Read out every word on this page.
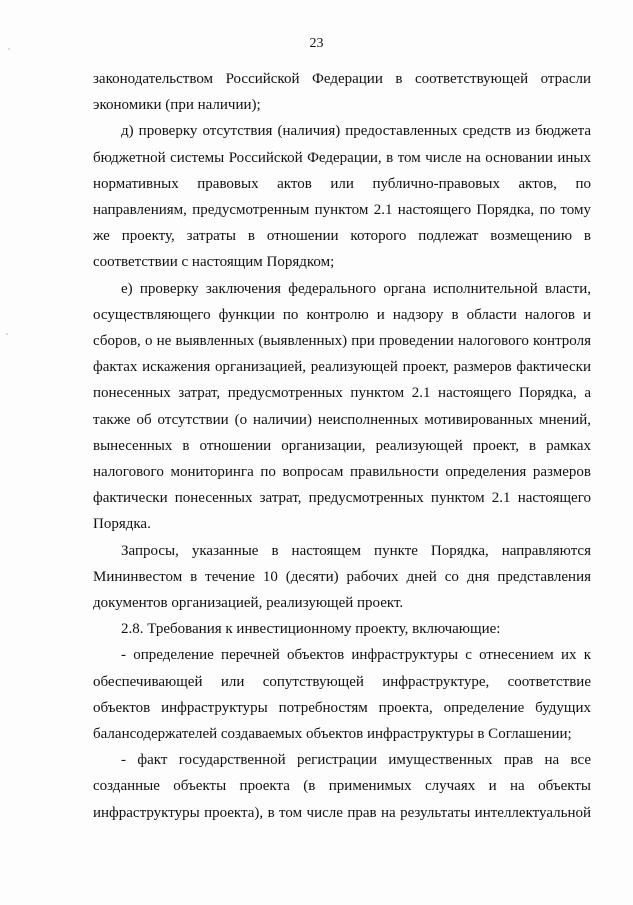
23

законодательством Российской Федерации в соответствующей отрасли экономики (при наличии);

д) проверку отсутствия (наличия) предоставленных средств из бюджета бюджетной системы Российской Федерации, в том числе на основании иных нормативных правовых актов или публично-правовых актов, по направлениям, предусмотренным пунктом 2.1 настоящего Порядка, по тому же проекту, затраты в отношении которого подлежат возмещению в соответствии с настоящим Порядком;

е) проверку заключения федерального органа исполнительной власти, осуществляющего функции по контролю и надзору в области налогов и сборов, о не выявленных (выявленных) при проведении налогового контроля фактах искажения организацией, реализующей проект, размеров фактически понесенных затрат, предусмотренных пунктом 2.1 настоящего Порядка, а также об отсутствии (о наличии) неисполненных мотивированных мнений, вынесенных в отношении организации, реализующей проект, в рамках налогового мониторинга по вопросам правильности определения размеров фактически понесенных затрат, предусмотренных пунктом 2.1 настоящего Порядка.

Запросы, указанные в настоящем пункте Порядка, направляются Мининвестом в течение 10 (десяти) рабочих дней со дня представления документов организацией, реализующей проект.

2.8. Требования к инвестиционному проекту, включающие:

- определение перечней объектов инфраструктуры с отнесением их к обеспечивающей или сопутствующей инфраструктуре, соответствие объектов инфраструктуры потребностям проекта, определение будущих балансодержателей создаваемых объектов инфраструктуры в Соглашении;

- факт государственной регистрации имущественных прав на все созданные объекты проекта (в применимых случаях и на объекты инфраструктуры проекта), в том числе прав на результаты интеллектуальной
